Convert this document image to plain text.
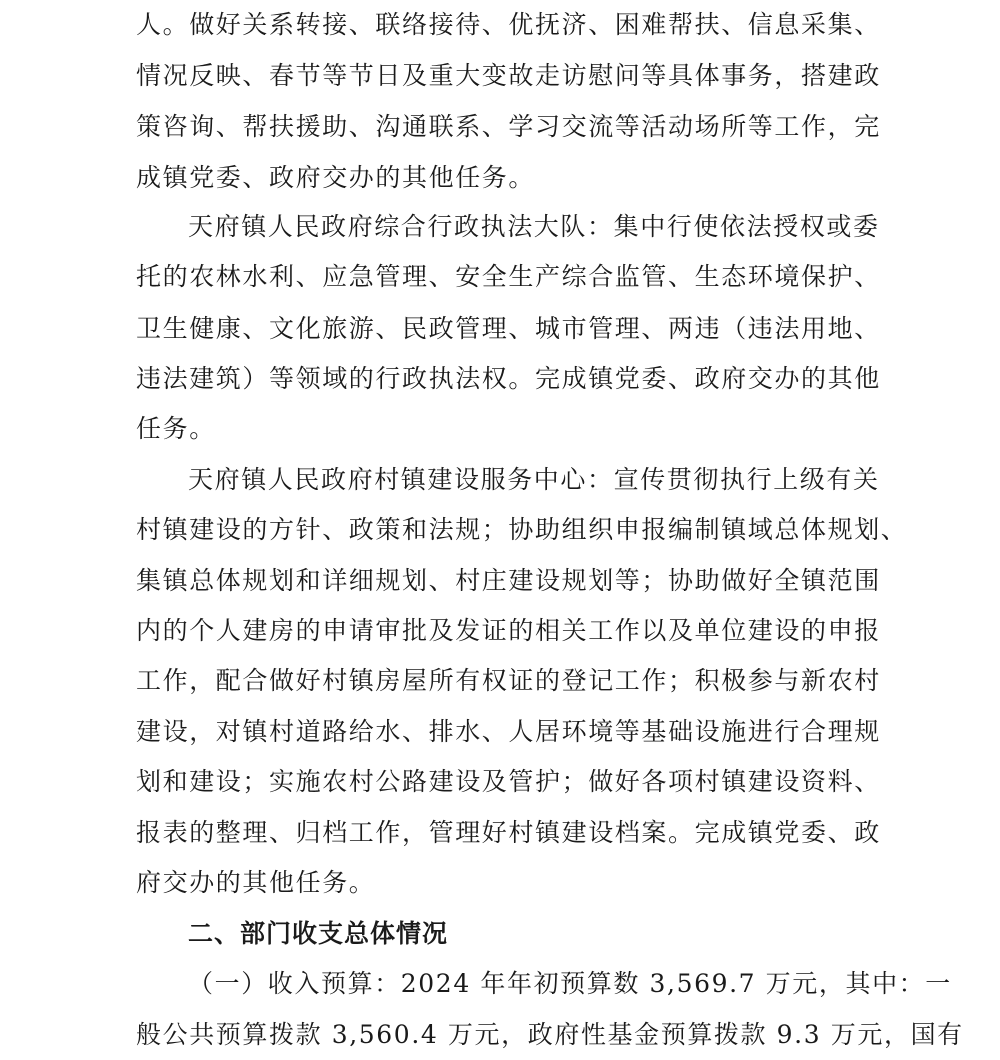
人。做好关系转接、联络接待、优抚济、困难帮扶、信息采集、
情况反映、春节等节日及重大变故走访慰问等具体事务，搭建政
策咨询、帮扶援助、沟通联系、学习交流等活动场所等工作，完
成镇党委、政府交办的其他任务。
天府镇人民政府综合行政执法大队：集中行使依法授权或委
托的农林水利、应急管理、安全生产综合监管、生态环境保护、
卫生健康、文化旅游、民政管理、城市管理、两违（违法用地、
违法建筑）等领域的行政执法权。完成镇党委、政府交办的其他
任务。
天府镇人民政府村镇建设服务中心：宣传贯彻执行上级有关
村镇建设的方针、政策和法规；协助组织申报编制镇域总体规划、
集镇总体规划和详细规划、村庄建设规划等；协助做好全镇范围
内的个人建房的申请审批及发证的相关工作以及单位建设的申报
工作，配合做好村镇房屋所有权证的登记工作；积极参与新农村
建设，对镇村道路给水、排水、人居环境等基础设施进行合理规
划和建设；实施农村公路建设及管护；做好各项村镇建设资料、
报表的整理、归档工作，管理好村镇建设档案。完成镇党委、政
府交办的其他任务。
二、部门收支总体情况
（一）收入预算：2024 年年初预算数 3,569.7 万元，其中：一
般公共预算拨款 3,560.4 万元，政府性基金预算拨款 9.3 万元，国有
